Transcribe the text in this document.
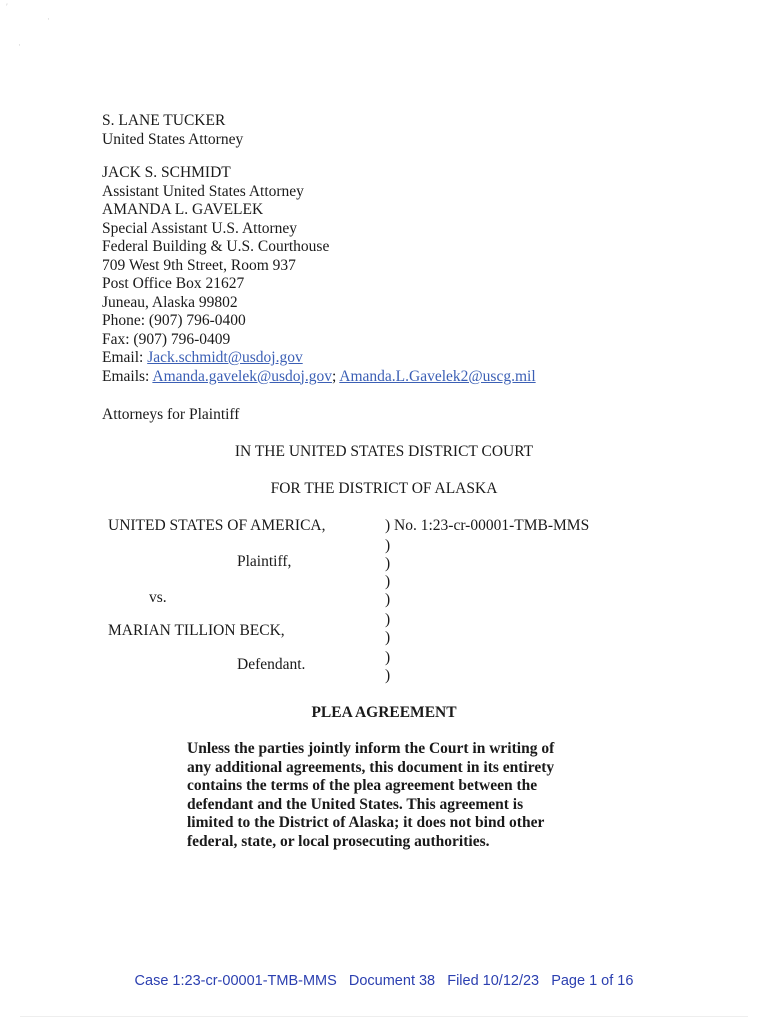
′
·
·
S. LANE TUCKER
United States Attorney
JACK S. SCHMIDT
Assistant United States Attorney
AMANDA L. GAVELEK
Special Assistant U.S. Attorney
Federal Building & U.S. Courthouse
709 West 9th Street, Room 937
Post Office Box 21627
Juneau, Alaska 99802
Phone: (907) 796-0400
Fax: (907) 796-0409
Email: Jack.schmidt@usdoj.gov
Emails: Amanda.gavelek@usdoj.gov; Amanda.L.Gavelek2@uscg.mil
Attorneys for Plaintiff
IN THE UNITED STATES DISTRICT COURT
FOR THE DISTRICT OF ALASKA
UNITED STATES OF AMERICA,
Plaintiff,
vs.
MARIAN TILLION BECK,
Defendant.
) No. 1:23-cr-00001-TMB-MMS
)
)
)
)
)
)
)
)
PLEA AGREEMENT
Unless the parties jointly inform the Court in writing of
any additional agreements, this document in its entirety
contains the terms of the plea agreement between the
defendant and the United States. This agreement is
limited to the District of Alaska; it does not bind other
federal, state, or local prosecuting authorities.
Case 1:23-cr-00001-TMB-MMS   Document 38   Filed 10/12/23   Page 1 of 16
